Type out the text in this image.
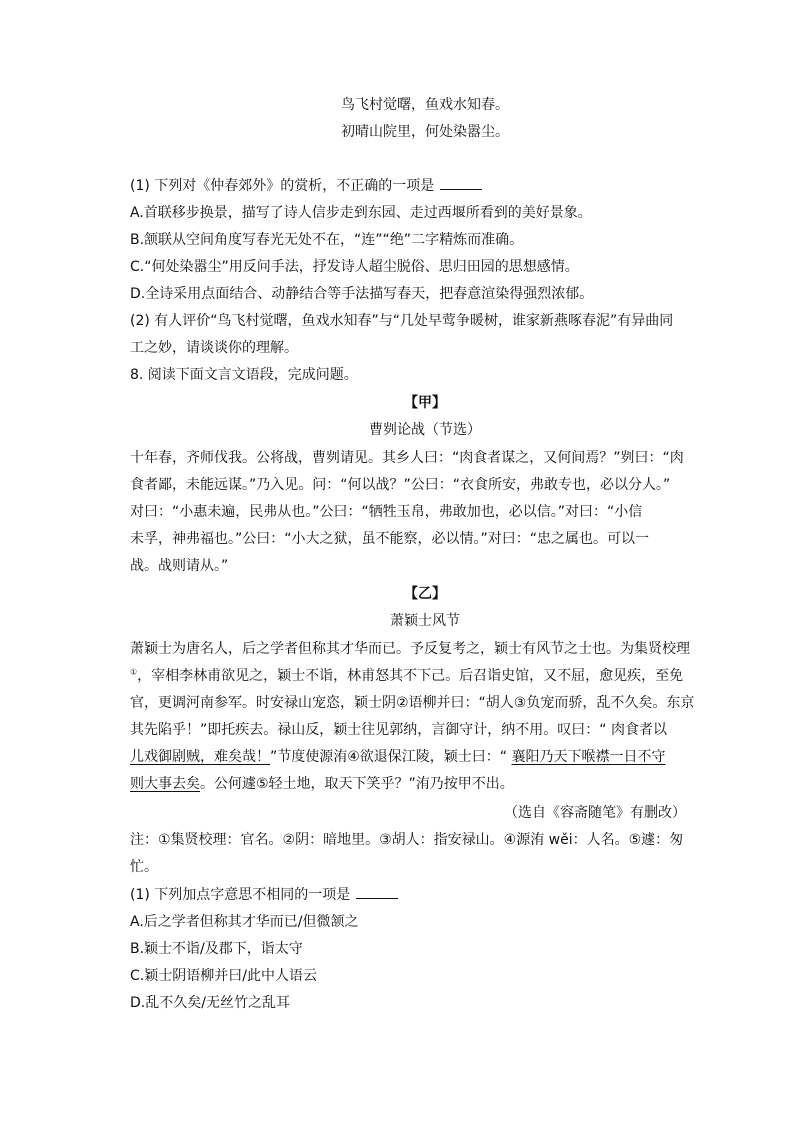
鸟飞村觉曙，鱼戏水知春。
初晴山院里，何处染嚣尘。
(1) 下列对《仲春郊外》的赏析，不正确的一项是
A.首联移步换景，描写了诗人信步走到东园、走过西堰所看到的美好景象。
B.颔联从空间角度写春光无处不在，“连”“绝”二字精炼而准确。
C.“何处染嚣尘”用反问手法，抒发诗人超尘脱俗、思归田园的思想感情。
D.全诗采用点面结合、动静结合等手法描写春天，把春意渲染得强烈浓郁。
(2) 有人评价“鸟飞村觉曙，鱼戏水知春”与“几处早莺争暖树，谁家新燕啄春泥”有异曲同
工之妙，请谈谈你的理解。
8. 阅读下面文言文语段，完成问题。
【甲】
曹刿论战（节选）
十年春，齐师伐我。公将战，曹刿请见。其乡人曰：“肉食者谋之，又何间焉？”刿曰：“肉
食者鄙，未能远谋。”乃入见。问：“何以战？”公曰：“衣食所安，弗敢专也，必以分人。”
对曰：“小惠未遍，民弗从也。”公曰：“牺牲玉帛，弗敢加也，必以信。”对曰：“小信
未孚，神弗福也。”公曰：“小大之狱，虽不能察，必以情。”对曰：“忠之属也。可以一
战。战则请从。”
【乙】
萧颖士风节
萧颖士为唐名人，后之学者但称其才华而已。予反复考之，颖士有风节之士也。为集贤校理
①，宰相李林甫欲见之，颖士不诣，林甫怒其不下己。后召诣史馆，又不屈，愈见疾，至免
官，更调河南参军。时安禄山宠恣，颖士阴②语柳并曰：“胡人③负宠而骄，乱不久矣。东京
其先陷乎！”即托疾去。禄山反，颖士往见郭纳，言御守计，纳不用。叹曰：“ 肉食者以
儿戏御剧贼，难矣哉！”节度使源洧④欲退保江陵，颖士曰：“ 襄阳乃天下喉襟一日不守
则大事去矣。公何遽⑤轻土地，取天下笑乎？”洧乃按甲不出。
（选自《容斋随笔》有删改）
注：①集贤校理：官名。②阴：暗地里。③胡人：指安禄山。④源洧 wěi：人名。⑤遽：匆
忙。
(1) 下列加点字意思不相同的一项是
A.后之学者但称其才华而已/但微颔之
B.颖士不诣/及郡下，诣太守
C.颖士阴语柳并曰/此中人语云
D.乱不久矣/无丝竹之乱耳
